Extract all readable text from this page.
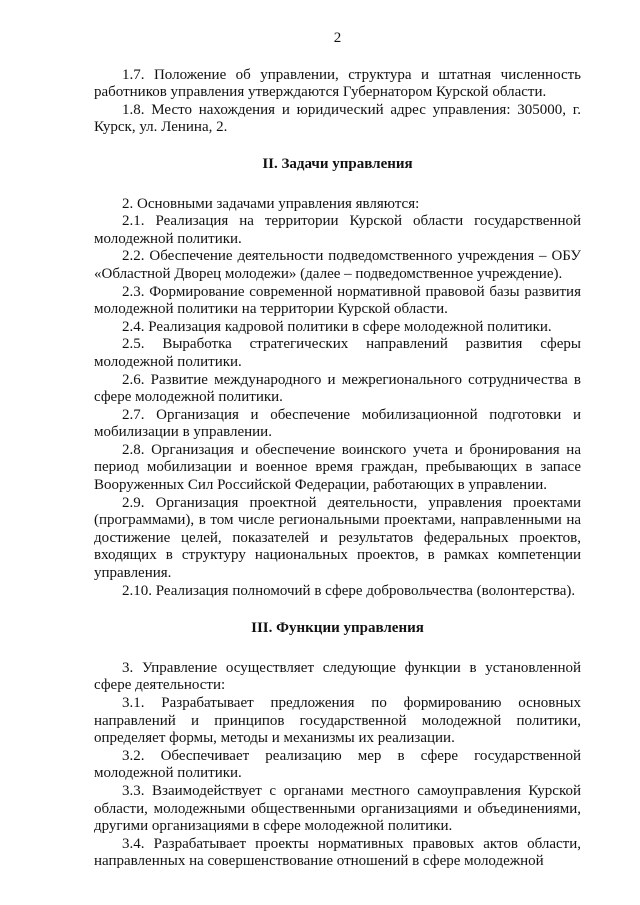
2

1.7. Положение об управлении, структура и штатная численность работников управления утверждаются Губернатором Курской области.

1.8. Место нахождения и юридический адрес управления: 305000, г. Курск, ул. Ленина, 2.

II. Задачи управления

2. Основными задачами управления являются:

2.1. Реализация на территории Курской области государственной молодежной политики.

2.2. Обеспечение деятельности подведомственного учреждения – ОБУ «Областной Дворец молодежи» (далее – подведомственное учреждение).

2.3. Формирование современной нормативной правовой базы развития молодежной политики на территории Курской области.

2.4. Реализация кадровой политики в сфере молодежной политики.

2.5. Выработка стратегических направлений развития сферы молодежной политики.

2.6. Развитие международного и межрегионального сотрудничества в сфере молодежной политики.

2.7. Организация и обеспечение мобилизационной подготовки и мобилизации в управлении.

2.8. Организация и обеспечение воинского учета и бронирования на период мобилизации и военное время граждан, пребывающих в запасе Вооруженных Сил Российской Федерации, работающих в управлении.

2.9. Организация проектной деятельности, управления проектами (программами), в том числе региональными проектами, направленными на достижение целей, показателей и результатов федеральных проектов, входящих в структуру национальных проектов, в рамках компетенции управления.

2.10. Реализация полномочий в сфере добровольчества (волонтерства).

III. Функции управления

3. Управление осуществляет следующие функции в установленной сфере деятельности:

3.1. Разрабатывает предложения по формированию основных направлений и принципов государственной молодежной политики, определяет формы, методы и механизмы их реализации.

3.2. Обеспечивает реализацию мер в сфере государственной молодежной политики.

3.3. Взаимодействует с органами местного самоуправления Курской области, молодежными общественными организациями и объединениями, другими организациями в сфере молодежной политики.

3.4. Разрабатывает проекты нормативных правовых актов области, направленных на совершенствование отношений в сфере молодежной
